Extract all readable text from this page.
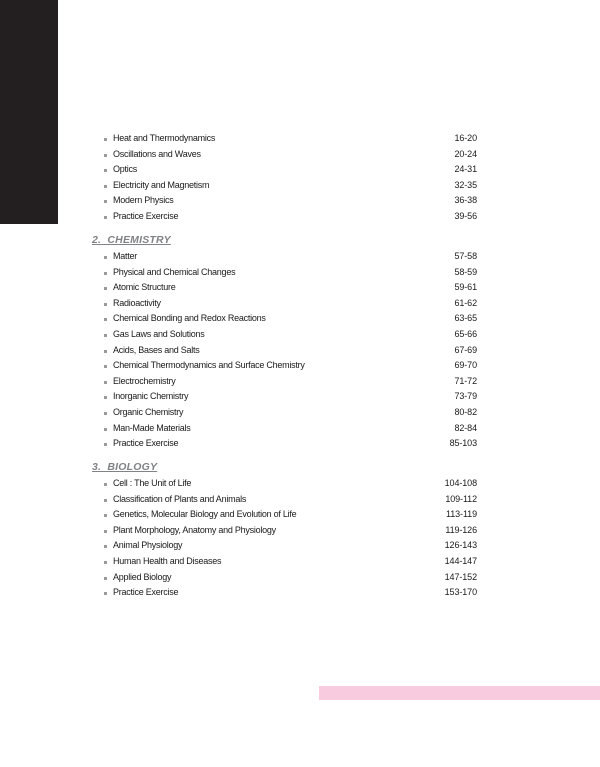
Heat and Thermodynamics	16-20
Oscillations and Waves	20-24
Optics	24-31
Electricity and Magnetism	32-35
Modern Physics	36-38
Practice Exercise	39-56
2.  CHEMISTRY
Matter	57-58
Physical and Chemical Changes	58-59
Atomic Structure	59-61
Radioactivity	61-62
Chemical Bonding and Redox Reactions	63-65
Gas Laws and Solutions	65-66
Acids, Bases and Salts	67-69
Chemical Thermodynamics and Surface Chemistry	69-70
Electrochemistry	71-72
Inorganic Chemistry	73-79
Organic Chemistry	80-82
Man-Made Materials	82-84
Practice Exercise	85-103
3.  BIOLOGY
Cell : The Unit of Life	104-108
Classification of Plants and Animals	109-112
Genetics, Molecular Biology and Evolution of Life	113-119
Plant Morphology, Anatomy and Physiology	119-126
Animal Physiology	126-143
Human Health and Diseases	144-147
Applied Biology	147-152
Practice Exercise	153-170
